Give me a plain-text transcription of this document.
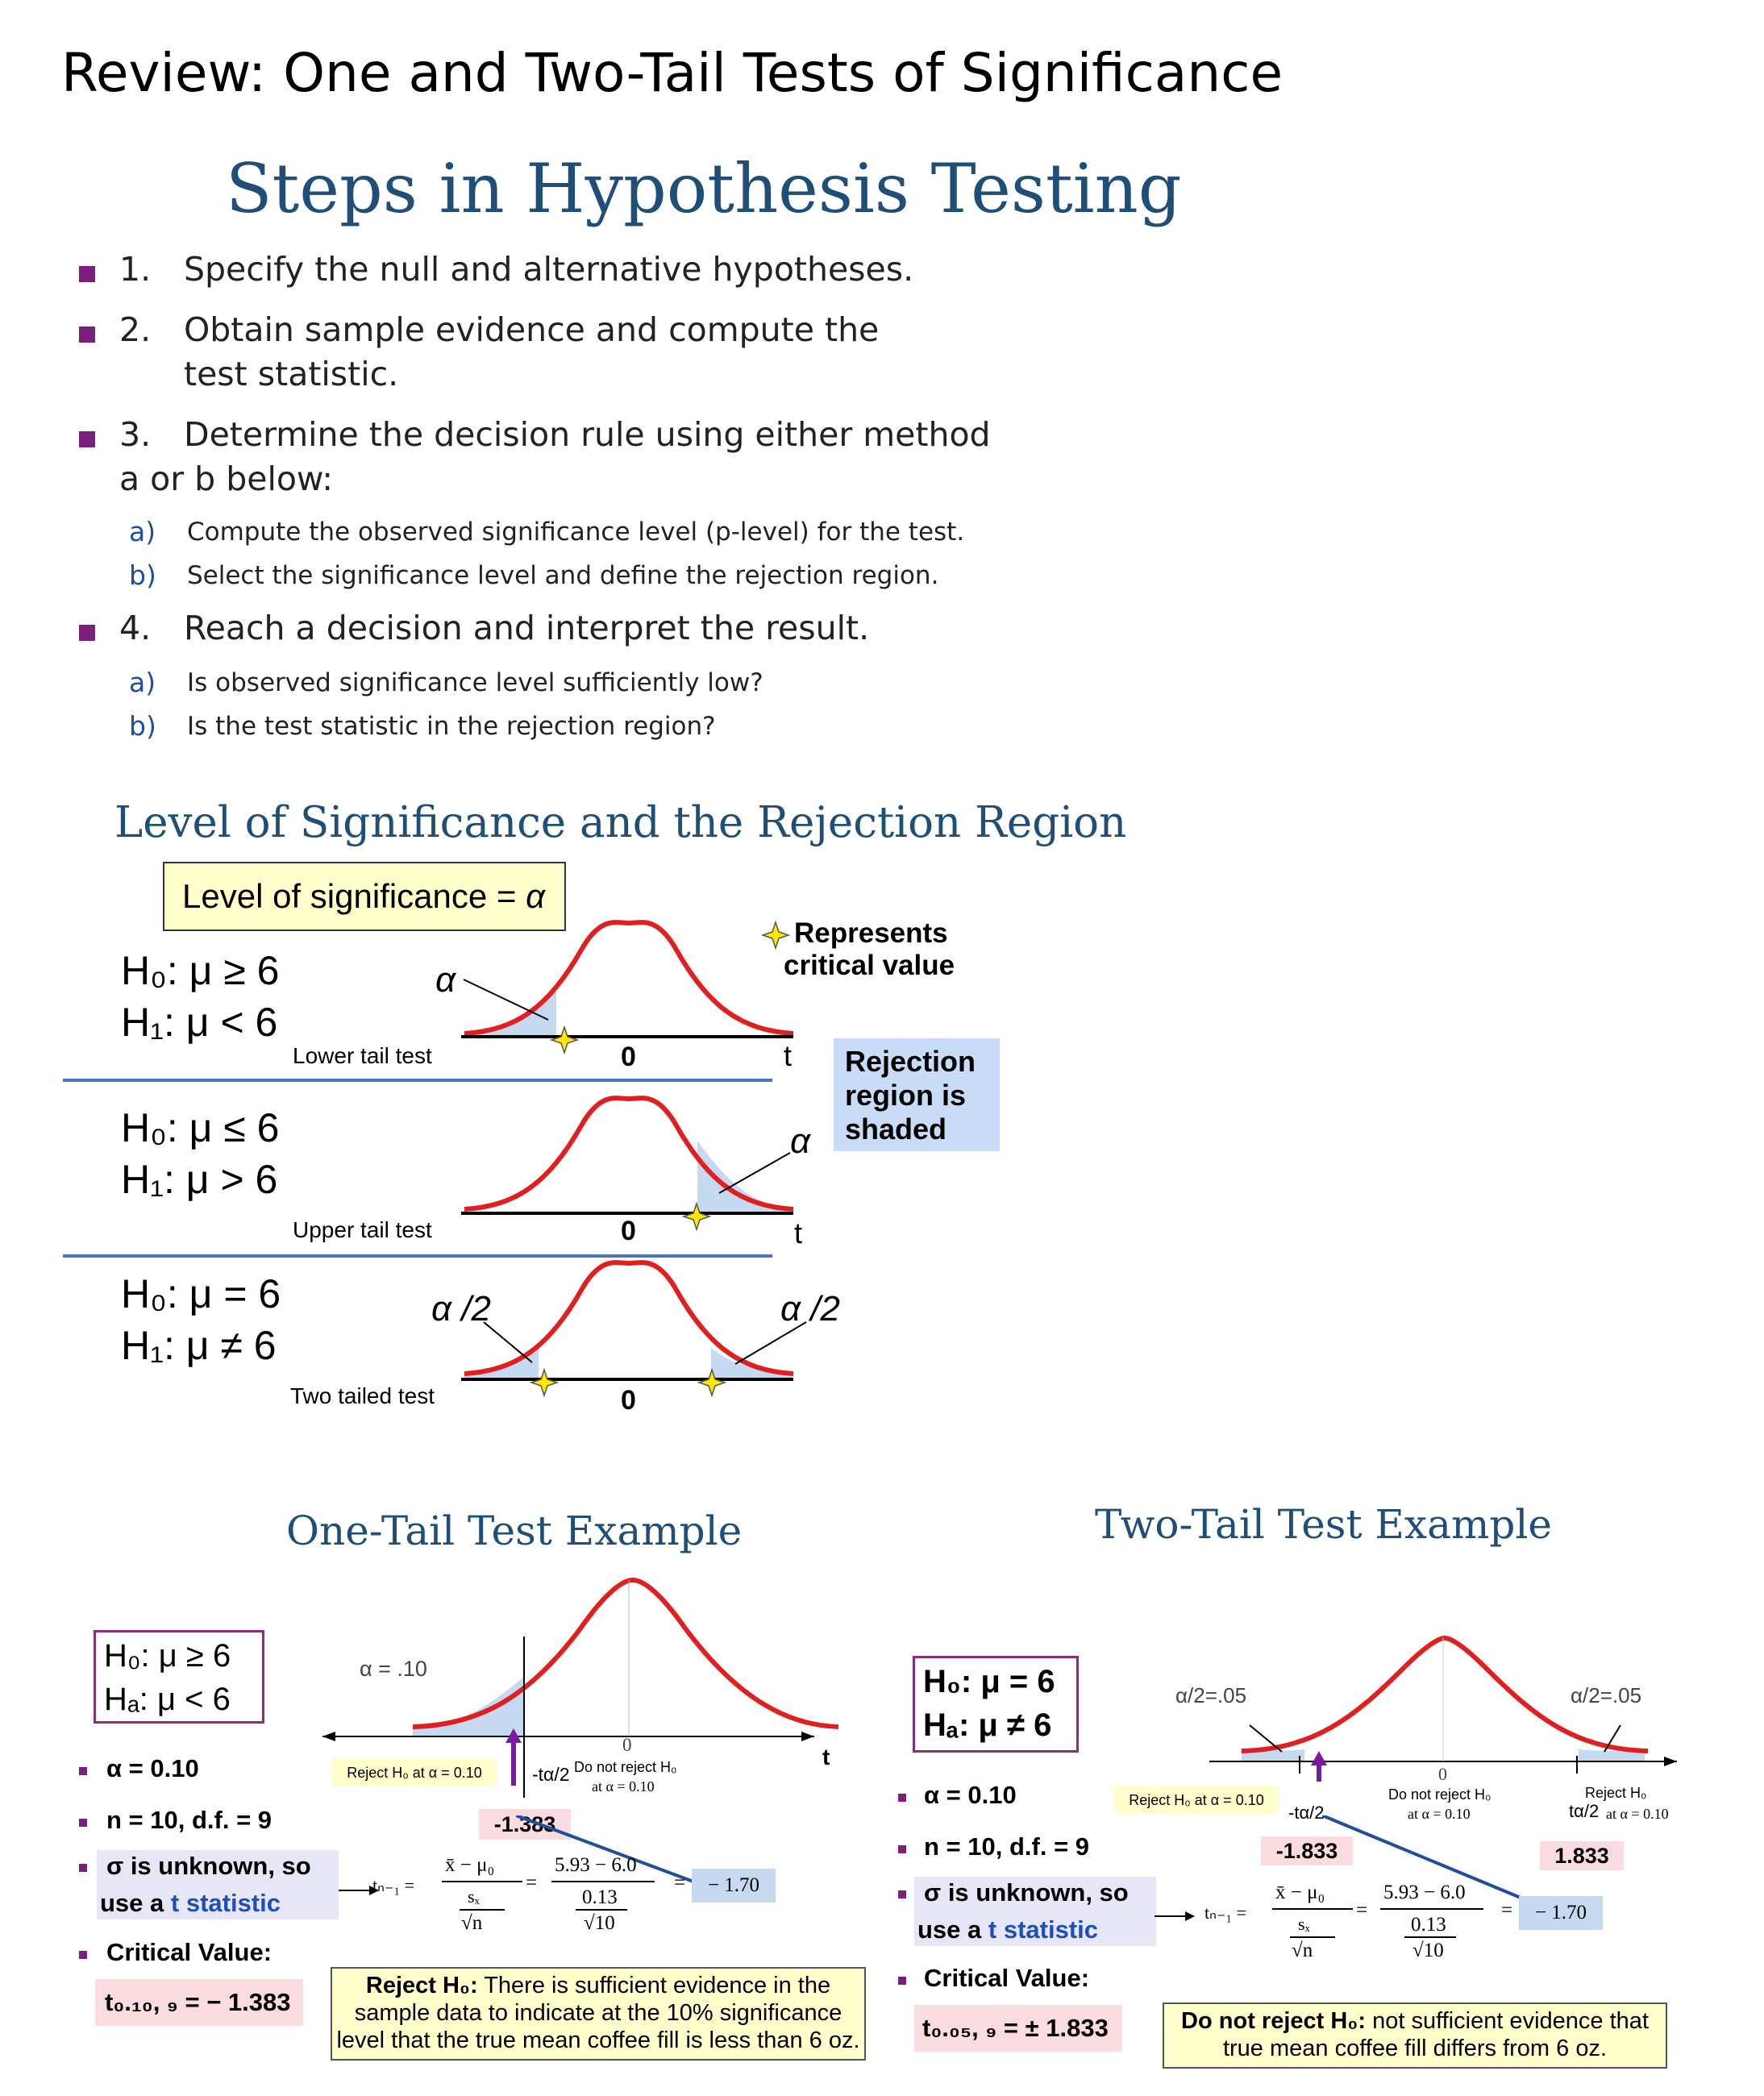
Review: One and Two-Tail Tests of Significance
Steps in Hypothesis Testing
1. Specify the null and alternative hypotheses.
2. Obtain sample evidence and compute the
test statistic.
3. Determine the decision rule using either method
a or b below:
a) Compute the observed significance level (p-level) for the test.
b) Select the significance level and define the rejection region.
4. Reach a decision and interpret the result.
a) Is observed significance level sufficiently low?
b) Is the test statistic in the rejection region?
Level of Significance and the Rejection Region
Level of significance = α
H₀: μ ≥ 6
H₁: μ < 6
Lower tail test
H₀: μ ≤ 6
H₁: μ > 6
Upper tail test
H₀: μ = 6
H₁: μ ≠ 6
Two tailed test
α
0	t
α
0	t
α /2	α /2
0
Represents
critical value
Rejection
region is
shaded
One-Tail Test Example
H₀: μ ≥ 6
Hₐ: μ < 6
α = 0.10
n = 10, d.f. = 9
σ is unknown, so
use a t statistic
Critical Value:
t₀.₁₀, ₉ = − 1.383
α = .10
0	t
Reject H₀ at α = 0.10	-tα/2 Do not reject H₀
at α = 0.10
-1.383
tₙ₋₁ =
x̄ − μ₀
sₓ
√n
=
5.93 − 6.0
0.13
√10
=	− 1.70
Reject H₀: There is sufficient evidence in the
sample data to indicate at the 10% significance
level that the true mean coffee fill is less than 6 oz.
Two-Tail Test Example
H₀: μ = 6
Hₐ: μ ≠ 6
α = 0.10
n = 10, d.f. = 9
σ is unknown, so
use a t statistic
Critical Value:
t₀.₀₅, ₉ = ± 1.833
α/2=.05	α/2=.05
0
Reject H₀ at α = 0.10
-tα/2
Do not reject H₀
at α = 0.10
Reject H₀
tα/2 at α = 0.10
-1.833	1.833
tₙ₋₁ =
x̄ − μ₀
sₓ
√n
=
5.93 − 6.0
0.13
√10
=	− 1.70
Do not reject H₀: not sufficient evidence that
true mean coffee fill differs from 6 oz.
